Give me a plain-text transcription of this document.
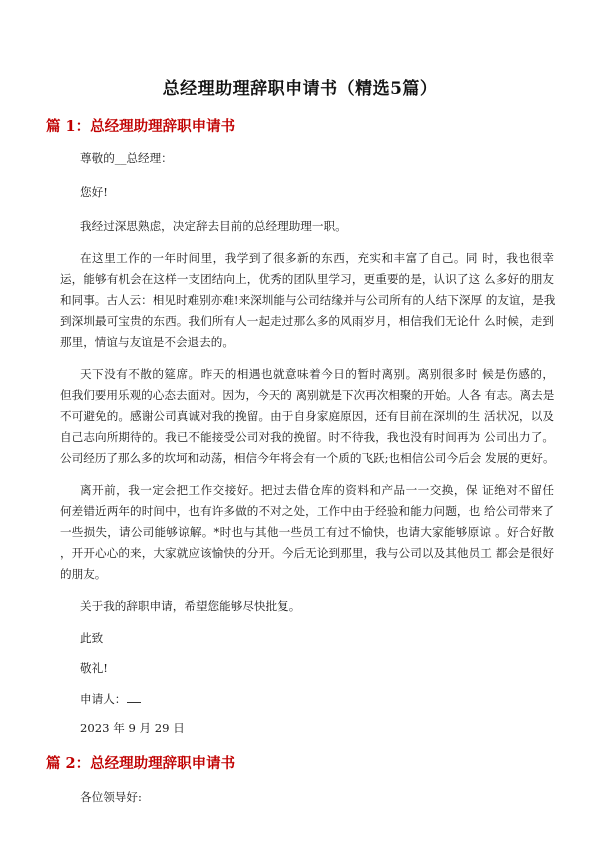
总经理助理辞职申请书（精选5篇）
篇 1：总经理助理辞职申请书
尊敬的__总经理：
您好!
我经过深思熟虑，决定辞去目前的总经理助理一职。
在这里工作的一年时间里，我学到了很多新的东西，充实和丰富了自己。同 时，我也很幸
运，能够有机会在这样一支团结向上，优秀的团队里学习，更重要的是，认识了这 么多好的朋友
和同事。古人云：相见时难别亦难!来深圳能与公司结缘并与公司所有的人结下深厚 的友谊，是我
到深圳最可宝贵的东西。我们所有人一起走过那么多的风雨岁月，相信我们无论什 么时候，走到
那里，情谊与友谊是不会退去的。
天下没有不散的筵席。昨天的相遇也就意味着今日的暂时离别。离别很多时 候是伤感的，
但我们要用乐观的心态去面对。因为，今天的 离别就是下次再次相聚的开始。人各 有志。离去是
不可避免的。感谢公司真诚对我的挽留。由于自身家庭原因，还有目前在深圳的生 活状况，以及
自己志向所期待的。我已不能接受公司对我的挽留。时不待我，我也没有时间再为 公司出力了。
公司经历了那么多的坎坷和动荡，相信今年将会有一个质的飞跃;也相信公司今后会 发展的更好。
离开前，我一定会把工作交接好。把过去借仓库的资料和产品一一交换，保 证绝对不留任
何差错近两年的时间中，也有许多做的不对之处，工作中由于经验和能力问题，也 给公司带来了
一些损失，请公司能够谅解。*时也与其他一些员工有过不愉快，也请大家能够原谅 。好合好散
，开开心心的来，大家就应该愉快的分开。今后无论到那里，我与公司以及其他员工 都会是很好
的朋友。
关于我的辞职申请，希望您能够尽快批复。
此致
敬礼!
申请人：
2023 年 9 月 29 日
篇 2：总经理助理辞职申请书
各位领导好:
